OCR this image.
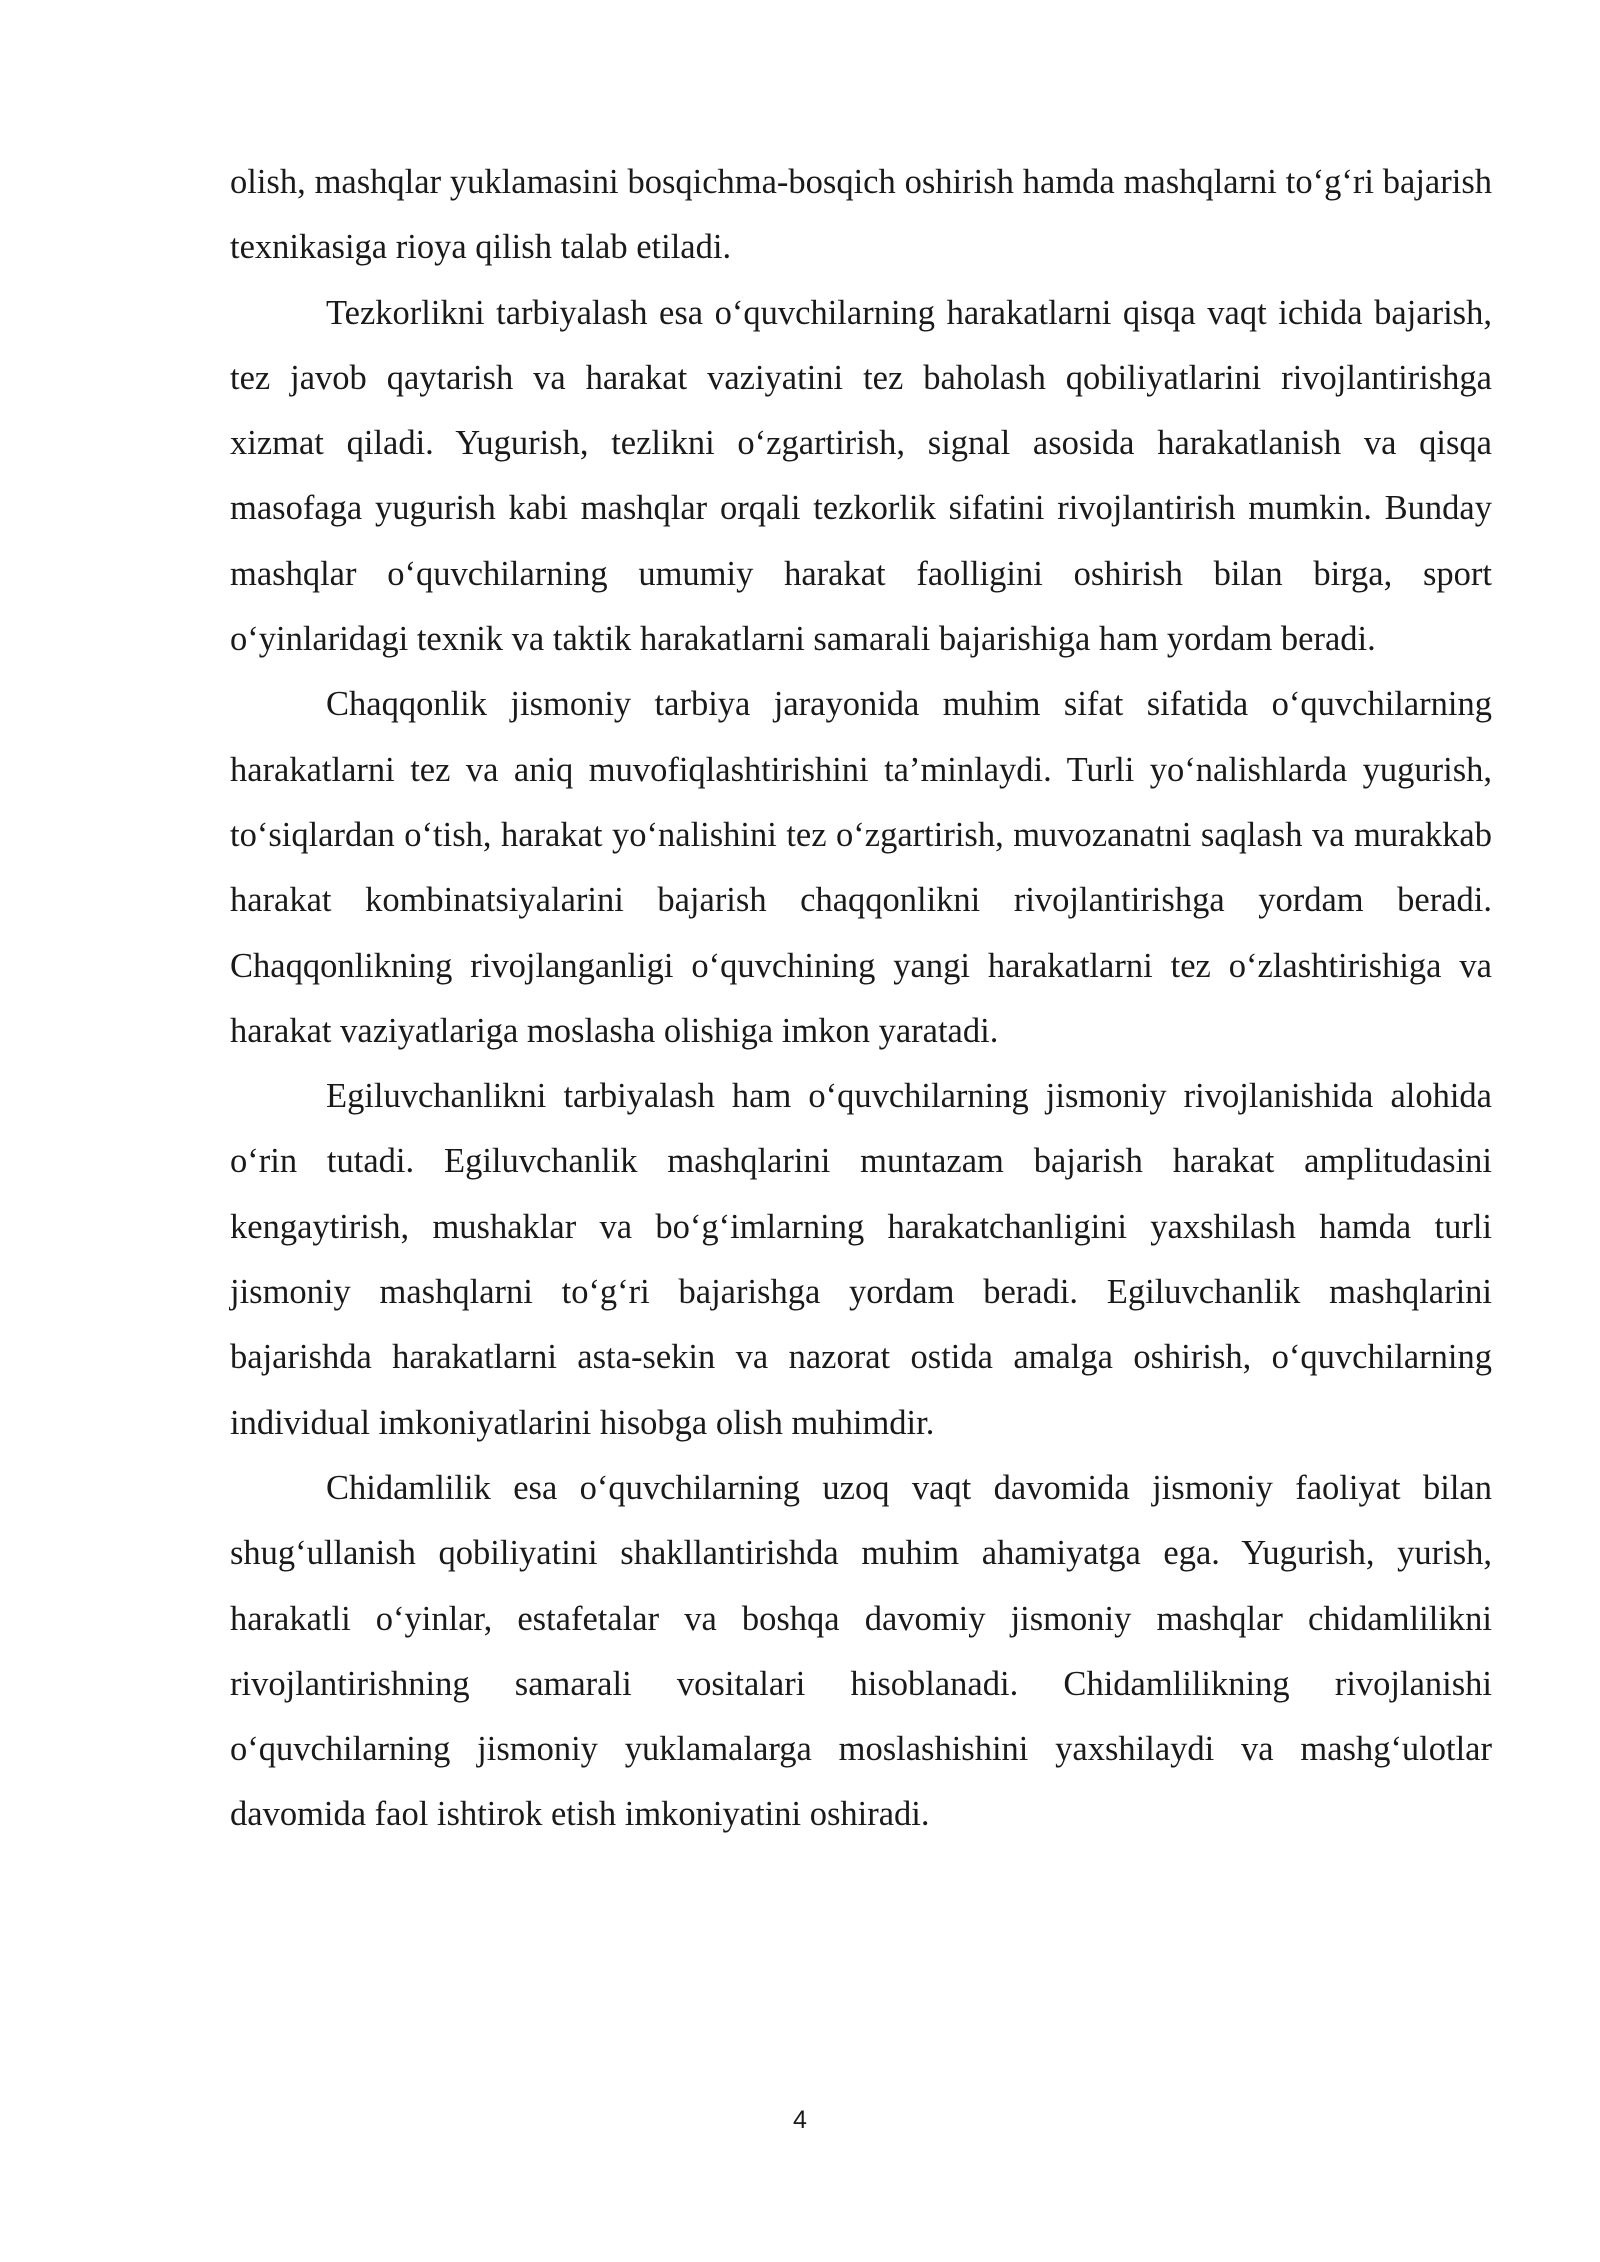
olish, mashqlar yuklamasini bosqichma-bosqich oshirish hamda mashqlarni to‘g‘ri bajarish texnikasiga rioya qilish talab etiladi.

Tezkorlikni tarbiyalash esa o‘quvchilarning harakatlarni qisqa vaqt ichida bajarish, tez javob qaytarish va harakat vaziyatini tez baholash qobiliyatlarini rivojlantirishga xizmat qiladi. Yugurish, tezlikni o‘zgartirish, signal asosida harakatlanish va qisqa masofaga yugurish kabi mashqlar orqali tezkorlik sifatini rivojlantirish mumkin. Bunday mashqlar o‘quvchilarning umumiy harakat faolligini oshirish bilan birga, sport o‘yinlaridagi texnik va taktik harakatlarni samarali bajarishiga ham yordam beradi.

Chaqqonlik jismoniy tarbiya jarayonida muhim sifat sifatida o‘quvchilarning harakatlarni tez va aniq muvofiqlashtirishini ta’minlaydi. Turli yo‘nalishlarda yugurish, to‘siqlardan o‘tish, harakat yo‘nalishini tez o‘zgartirish, muvozanatni saqlash va murakkab harakat kombinatsiyalarini bajarish chaqqonlikni rivojlantirishga yordam beradi. Chaqqonlikning rivojlanganligi o‘quvchining yangi harakatlarni tez o‘zlashtirishiga va harakat vaziyatlariga moslasha olishiga imkon yaratadi.

Egiluvchanlikni tarbiyalash ham o‘quvchilarning jismoniy rivojlanishida alohida o‘rin tutadi. Egiluvchanlik mashqlarini muntazam bajarish harakat amplitudasini kengaytirish, mushaklar va bo‘g‘imlarning harakatchanligini yaxshilash hamda turli jismoniy mashqlarni to‘g‘ri bajarishga yordam beradi. Egiluvchanlik mashqlarini bajarishda harakatlarni asta-sekin va nazorat ostida amalga oshirish, o‘quvchilarning individual imkoniyatlarini hisobga olish muhimdir.

Chidamlilik esa o‘quvchilarning uzoq vaqt davomida jismoniy faoliyat bilan shug‘ullanish qobiliyatini shakllantirishda muhim ahamiyatga ega. Yugurish, yurish, harakatli o‘yinlar, estafetalar va boshqa davomiy jismoniy mashqlar chidamlilikni rivojlantirishning samarali vositalari hisoblanadi. Chidamlilikning rivojlanishi o‘quvchilarning jismoniy yuklamalarga moslashishini yaxshilaydi va mashg‘ulotlar davomida faol ishtirok etish imkoniyatini oshiradi.

4
